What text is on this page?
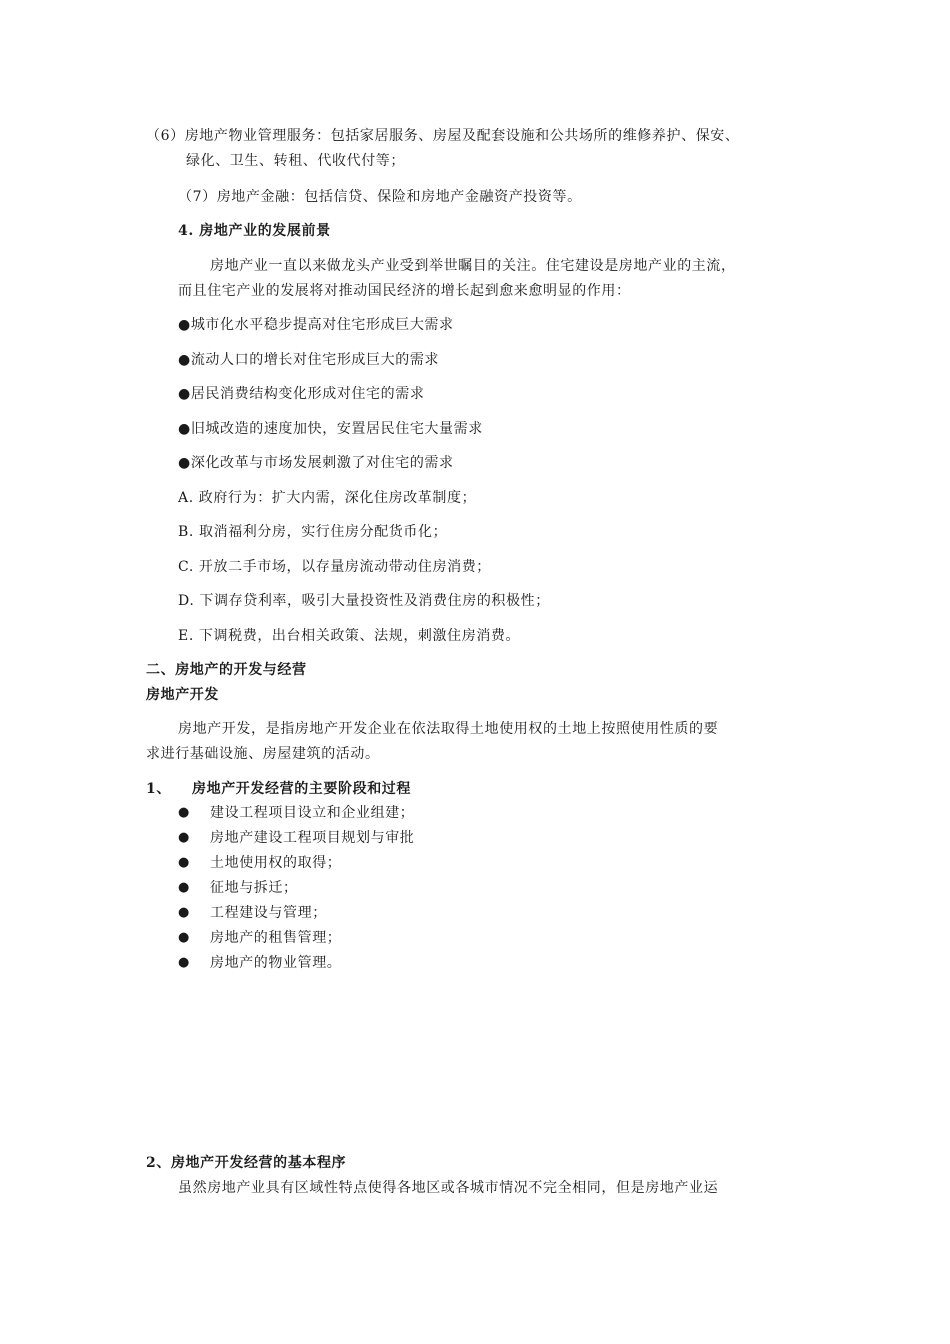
（6）房地产物业管理服务：包括家居服务、房屋及配套设施和公共场所的维修养护、保安、
绿化、卫生、转租、代收代付等；
（7）房地产金融：包括信贷、保险和房地产金融资产投资等。
4. 房地产业的发展前景
房地产业一直以来做龙头产业受到举世瞩目的关注。住宅建设是房地产业的主流，
而且住宅产业的发展将对推动国民经济的增长起到愈来愈明显的作用：
●城市化水平稳步提高对住宅形成巨大需求
●流动人口的增长对住宅形成巨大的需求
●居民消费结构变化形成对住宅的需求
●旧城改造的速度加快，安置居民住宅大量需求
●深化改革与市场发展刺激了对住宅的需求
A. 政府行为：扩大内需，深化住房改革制度；
B. 取消福利分房，实行住房分配货币化；
C. 开放二手市场，以存量房流动带动住房消费；
D. 下调存贷利率，吸引大量投资性及消费住房的积极性；
E. 下调税费，出台相关政策、法规，刺激住房消费。
二、房地产的开发与经营
房地产开发
房地产开发，是指房地产开发企业在依法取得土地使用权的土地上按照使用性质的要
求进行基础设施、房屋建筑的活动。
1、 房地产开发经营的主要阶段和过程
● 建设工程项目设立和企业组建；
● 房地产建设工程项目规划与审批
● 土地使用权的取得；
● 征地与拆迁；
● 工程建设与管理；
● 房地产的租售管理；
● 房地产的物业管理。
2、房地产开发经营的基本程序
虽然房地产业具有区域性特点使得各地区或各城市情况不完全相同，但是房地产业运
